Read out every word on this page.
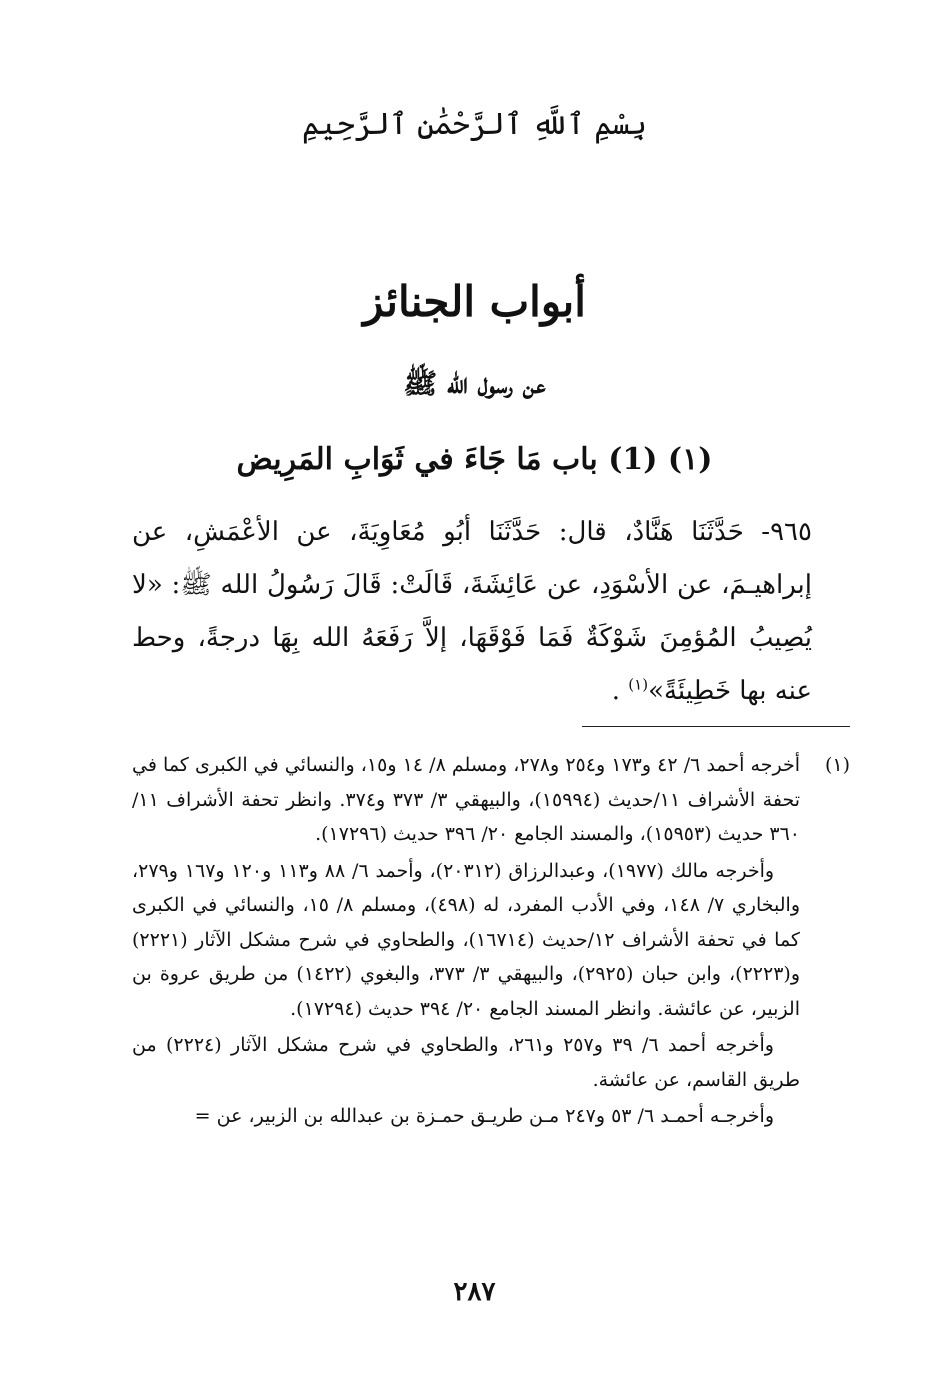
بِسْمِ ٱللَّهِ ٱلرَّحْمَٰنِ ٱلرَّحِيمِ
أبواب الجنائز
عن رسول الله ﷺ
(١) (1) باب مَا جَاءَ في ثَوَابِ المَرِيض
٩٦٥- حَدَّثَنَا هَنَّادٌ، قال: حَدَّثَنَا أبُو مُعَاوِيَةَ، عن الأعْمَشِ، عن إبراهيـمَ، عن الأسْوَدِ، عن عَائِشَةَ، قَالَتْ: قَالَ رَسُولُ الله ﷺ: «لا يُصِيبُ المُؤمِنَ شَوْكَةٌ فَمَا فَوْقَهَا، إلاَّ رَفَعَهُ الله بِهَا درجةً، وحط عنه بها خَطِيئَةً»$^{(١)}$ .
(١)
أخرجه أحمد ٦/ ٤٢ و١٧٣ و٢٥٤ و٢٧٨، ومسلم ٨/ ١٤ و١٥، والنسائي في الكبرى كما في تحفة الأشراف ١١/حديث (١٥٩٩٤)، والبيهقي ٣/ ٣٧٣ و٣٧٤. وانظر تحفة الأشراف ١١/ ٣٦٠ حديث (١٥٩٥٣)، والمسند الجامع ٢٠/ ٣٩٦ حديث (١٧٢٩٦).
وأخرجه مالك (١٩٧٧)، وعبدالرزاق (٢٠٣١٢)، وأحمد ٦/ ٨٨ و١١٣ و١٢٠ و١٦٧ و٢٧٩، والبخاري ٧/ ١٤٨، وفي الأدب المفرد، له (٤٩٨)، ومسلم ٨/ ١٥، والنسائي في الكبرى كما في تحفة الأشراف ١٢/حديث (١٦٧١٤)، والطحاوي في شرح مشكل الآثار (٢٢٢١) و(٢٢٢٣)، وابن حبان (٢٩٢٥)، والبيهقي ٣/ ٣٧٣، والبغوي (١٤٢٢) من طريق عروة بن الزبير، عن عائشة. وانظر المسند الجامع ٢٠/ ٣٩٤ حديث (١٧٢٩٤).
وأخرجه أحمد ٦/ ٣٩ و٢٥٧ و٢٦١، والطحاوي في شرح مشكل الآثار (٢٢٢٤) من طريق القاسم، عن عائشة.
وأخرجـه أحمـد ٦/ ٥٣ و٢٤٧ مـن طريـق حمـزة بن عبدالله بن الزبير، عن =
٢٨٧
